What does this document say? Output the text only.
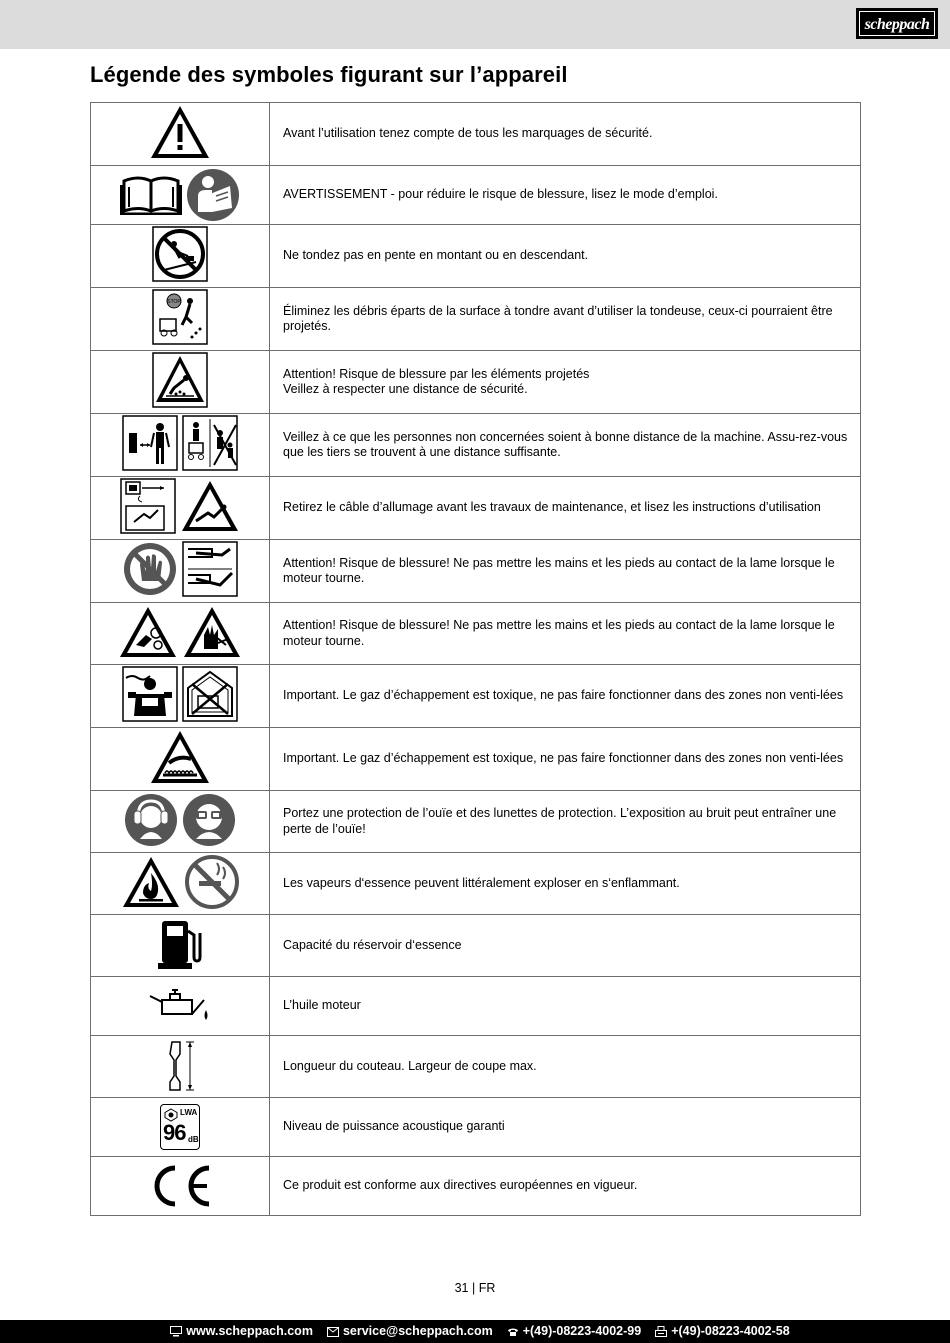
scheppach
Légende des symboles figurant sur l’appareil
	Avant l’utilisation tenez compte de tous les marquages de sécurité.

	AVERTISSEMENT - pour réduire le risque de blessure, lisez le mode d’emploi.

	Ne tondez pas en pente en montant ou en descendant.

STOP	Éliminez les débris éparts de la surface à tondre avant d’utiliser la tondeuse, ceux-ci pourraient être projetés.

	Attention! Risque de blessure par les éléments projetés
Veillez à respecter une distance de sécurité.

	Veillez à ce que les personnes non concernées soient à bonne distance de la machine. Assu-rez-vous que les tiers se trouvent à une distance suffisante.

	Retirez le câble d’allumage avant les travaux de maintenance, et lisez les instructions d’utilisation

	Attention! Risque de blessure! Ne pas mettre les mains et les pieds au contact de la lame lorsque le moteur tourne.

	Attention! Risque de blessure! Ne pas mettre les mains et les pieds au contact de la lame lorsque le moteur tourne.

	Important. Le gaz d’échappement est toxique, ne pas faire fonctionner dans des zones non venti-lées

	Important. Le gaz d’échappement est toxique, ne pas faire fonctionner dans des zones non venti-lées

	Portez une protection de l’ouïe et des lunettes de protection. L’exposition au bruit peut entraîner une perte de l’ouïe!

	Les vapeurs d‘essence peuvent littéralement exploser en s‘enflammant.

	Capacité du réservoir d‘essence

	L’huile moteur

	Longueur du couteau. Largeur de coupe max.

LWA
96 dB	Niveau de puissance acoustique garanti

	Ce produit est conforme aux directives européennes en vigueur.
31 | FR
www.scheppach.com service@scheppach.com +(49)-08223-4002-99 +(49)-08223-4002-58
